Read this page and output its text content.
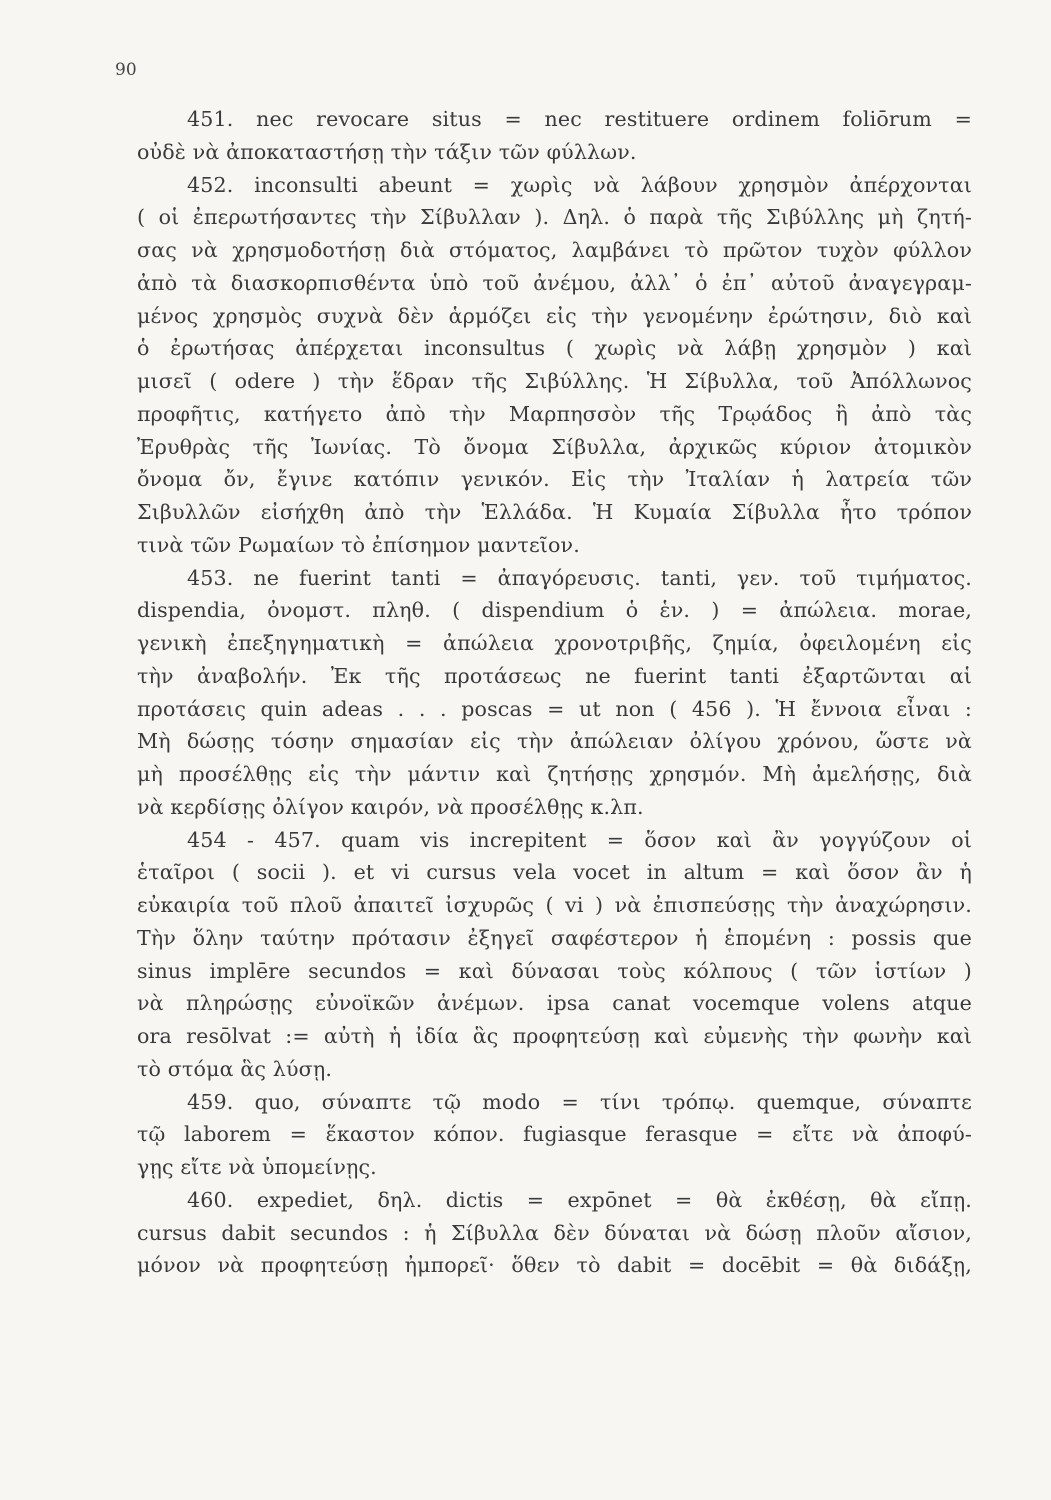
90
451. nec revocare situs = nec restituere ordinem foliōrum =
οὐδὲ νὰ ἀποκαταστήσῃ τὴν τάξιν τῶν φύλλων.
452. inconsulti abeunt = χωρὶς νὰ λάβουν χρησμὸν ἀπέρχονται
( οἱ ἐπερωτήσαντες τὴν Σίβυλλαν ). Δηλ. ὁ παρὰ τῆς Σιβύλλης μὴ ζητή-
σας νὰ χρησμοδοτήσῃ διὰ στόματος, λαμβάνει τὸ πρῶτον τυχὸν φύλλον
ἀπὸ τὰ διασκορπισθέντα ὑπὸ τοῦ ἀνέμου, ἀλλ᾽ ὁ ἐπ᾽ αὐτοῦ ἀναγεγραμ-
μένος χρησμὸς συχνὰ δὲν ἁρμόζει εἰς τὴν γενομένην ἐρώτησιν, διὸ καὶ
ὁ ἐρωτήσας ἀπέρχεται inconsultus ( χωρὶς νὰ λάβῃ χρησμὸν ) καὶ
μισεῖ ( odere ) τὴν ἕδραν τῆς Σιβύλλης. Ἡ Σίβυλλα, τοῦ Ἀπόλλωνος
προφῆτις, κατήγετο ἀπὸ τὴν Μαρπησσὸν τῆς Τρῳάδος ἢ ἀπὸ τὰς
Ἐρυθρὰς τῆς Ἰωνίας. Τὸ ὄνομα Σίβυλλα, ἀρχικῶς κύριον ἀτομικὸν
ὄνομα ὄν, ἔγινε κατόπιν γενικόν. Εἰς τὴν Ἰταλίαν ἡ λατρεία τῶν
Σιβυλλῶν εἰσήχθη ἀπὸ τὴν Ἑλλάδα. Ἡ Κυμαία Σίβυλλα ἦτο τρόπον
τινὰ τῶν Ρωμαίων τὸ ἐπίσημον μαντεῖον.
453. ne fuerint tanti = ἀπαγόρευσις. tanti, γεν. τοῦ τιμήματος.
dispendia, ὀνομστ. πληθ. ( dispendium ὁ ἑν. ) = ἀπώλεια. morae,
γενικὴ ἐπεξηγηματικὴ = ἀπώλεια χρονοτριβῆς, ζημία, ὀφειλομένη εἰς
τὴν ἀναβολήν. Ἐκ τῆς προτάσεως ne fuerint tanti ἐξαρτῶνται αἱ
προτάσεις quin adeas . . . poscas = ut non ( 456 ). Ἡ ἔννοια εἶναι :
Μὴ δώσῃς τόσην σημασίαν εἰς τὴν ἀπώλειαν ὀλίγου χρόνου, ὥστε νὰ
μὴ προσέλθῃς εἰς τὴν μάντιν καὶ ζητήσῃς χρησμόν. Μὴ ἀμελήσῃς, διὰ
νὰ κερδίσῃς ὀλίγον καιρόν, νὰ προσέλθῃς κ.λπ.
454 - 457. quam vis increpitent = ὅσον καὶ ἂν γογγύζουν οἱ
ἑταῖροι ( socii ). et vi cursus vela vocet in altum = καὶ ὅσον ἂν ἡ
εὐκαιρία τοῦ πλοῦ ἀπαιτεῖ ἰσχυρῶς ( vi ) νὰ ἐπισπεύσῃς τὴν ἀναχώρησιν.
Τὴν ὅλην ταύτην πρότασιν ἐξηγεῖ σαφέστερον ἡ ἑπομένη : possis que
sinus implēre secundos = καὶ δύνασαι τοὺς κόλπους ( τῶν ἱστίων )
νὰ πληρώσῃς εὐνοϊκῶν ἀνέμων. ipsa canat vocemque volens atque
ora resōlvat := αὐτὴ ἡ ἰδία ἃς προφητεύσῃ καὶ εὐμενὴς τὴν φωνὴν καὶ
τὸ στόμα ἃς λύσῃ.
459. quo, σύναπτε τῷ modo = τίνι τρόπῳ. quemque, σύναπτε
τῷ laborem = ἕκαστον κόπον. fugiasque ferasque = εἴτε νὰ ἀποφύ-
γῃς εἴτε νὰ ὑπομείνῃς.
460. expediet, δηλ. dictis = expōnet = θὰ ἐκθέσῃ, θὰ εἴπῃ.
cursus dabit secundos : ἡ Σίβυλλα δὲν δύναται νὰ δώσῃ πλοῦν αἴσιον,
μόνον νὰ προφητεύσῃ ἠμπορεῖ· ὅθεν τὸ dabit = docēbit = θὰ διδάξῃ,
